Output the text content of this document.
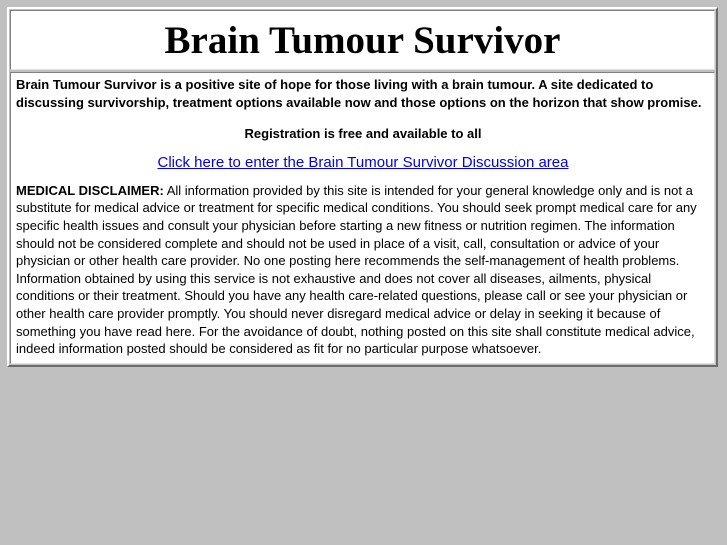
Brain Tumour Survivor

Brain Tumour Survivor is a positive site of hope for those living with a brain tumour. A site dedicated to discussing survivorship, treatment options available now and those options on the horizon that show promise.

Registration is free and available to all

Click here to enter the Brain Tumour Survivor Discussion area

MEDICAL DISCLAIMER: All information provided by this site is intended for your general knowledge only and is not a substitute for medical advice or treatment for specific medical conditions. You should seek prompt medical care for any specific health issues and consult your physician before starting a new fitness or nutrition regimen. The information should not be considered complete and should not be used in place of a visit, call, consultation or advice of your physician or other health care provider. No one posting here recommends the self-management of health problems. Information obtained by using this service is not exhaustive and does not cover all diseases, ailments, physical conditions or their treatment. Should you have any health care-related questions, please call or see your physician or other health care provider promptly. You should never disregard medical advice or delay in seeking it because of something you have read here. For the avoidance of doubt, nothing posted on this site shall constitute medical advice, indeed information posted should be considered as fit for no particular purpose whatsoever.
